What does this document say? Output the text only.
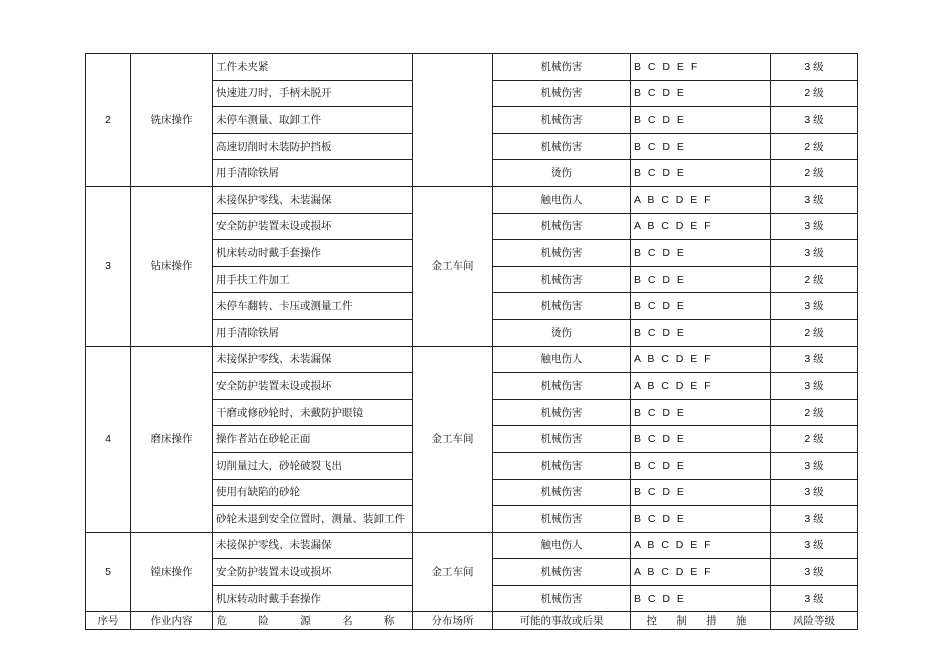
2	铣床操作	工件未夹紧		机械伤害	B C D E F	3 级
		快速进刀时，手柄未脱开		机械伤害	B C D E	2 级
		未停车测量、取卸工件		机械伤害	B C D E	3 级
		高速切削时未装防护挡板		机械伤害	B C D E	2 级
		用手清除铁屑		烫伤	B C D E	2 级
3	钻床操作	未接保护零线、未装漏保	金工车间	触电伤人	A B C D E F	3 级
		安全防护装置未设或损坏		机械伤害	A B C D E F	3 级
		机床转动时戴手套操作		机械伤害	B C D E	3 级
		用手扶工件加工		机械伤害	B C D E	2 级
		未停车翻转、卡压或测量工件		机械伤害	B C D E	3 级
		用手清除铁屑		烫伤	B C D E	2 级
4	磨床操作	未接保护零线、未装漏保	金工车间	触电伤人	A B C D E F	3 级
		安全防护装置未设或损坏		机械伤害	A B C D E F	3 级
		干磨或修砂轮时，未戴防护眼镜		机械伤害	B C D E	2 级
		操作者站在砂轮正面		机械伤害	B C D E	2 级
		切削量过大，砂轮破裂飞出		机械伤害	B C D E	3 级
		使用有缺陷的砂轮		机械伤害	B C D E	3 级
		砂轮未退到安全位置时，测量、装卸工件		机械伤害	B C D E	3 级
5	镗床操作	未接保护零线、未装漏保	金工车间	触电伤人	A B C D E F	3 级
		安全防护装置未设或损坏		机械伤害	A B C D E F	3 级
		机床转动时戴手套操作		机械伤害	B C D E	3 级
序号	作业内容	危 险 源 名 称	分布场所	可能的事故或后果	控 制 措 施	风险等级
